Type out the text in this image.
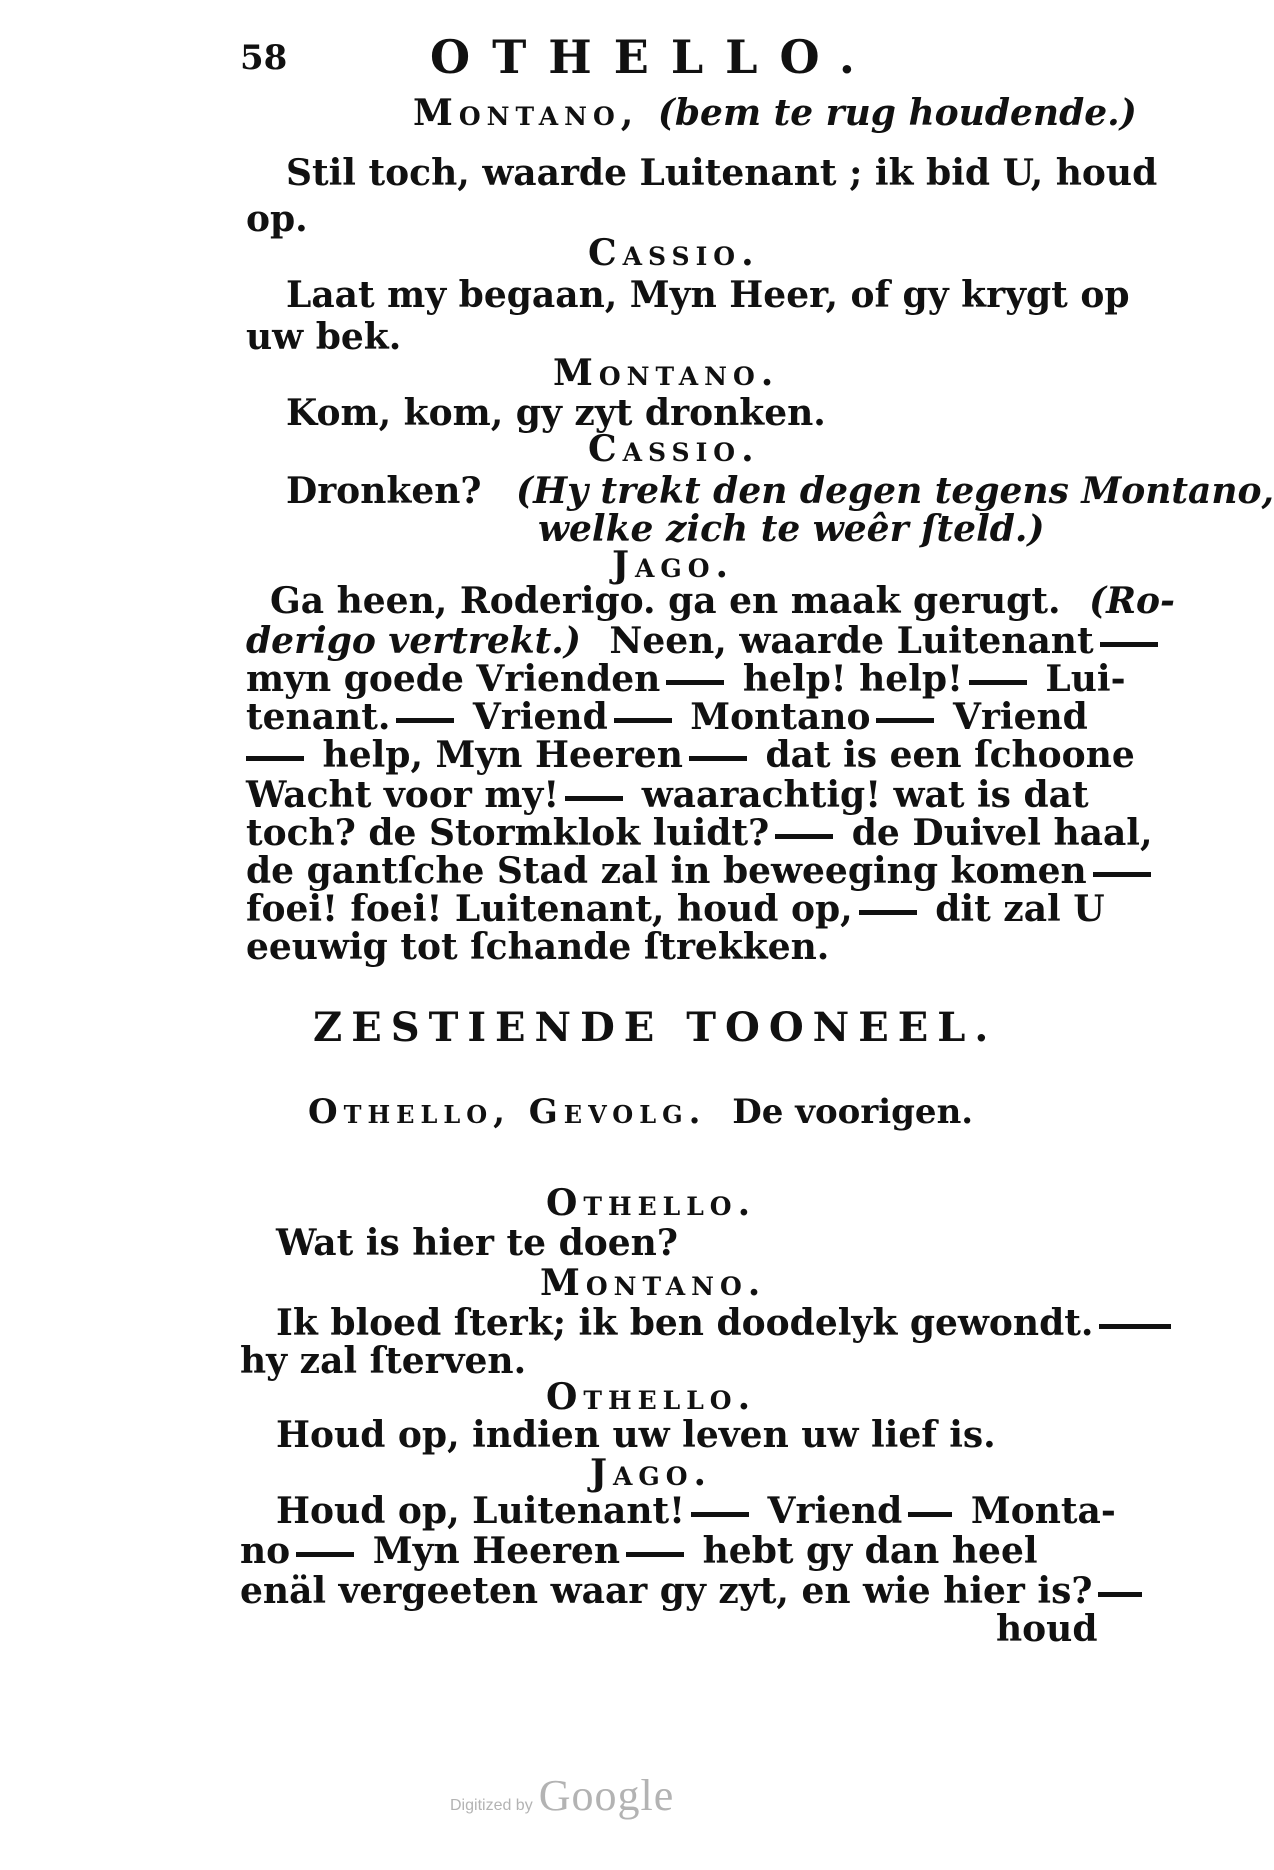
58	OTHELLO.
Montano, (bem te rug houdende.)
Stil toch, waarde Luitenant ; ik bid U, houd
op.
Cassio.
Laat my begaan, Myn Heer, of gy krygt op
uw bek.
Montano.
Kom, kom, gy zyt dronken.
Cassio.
Dronken? (Hy trekt den degen tegens Montano,
welke zich te weêr ſteld.)
Jago.
Ga heen, Roderigo. ga en maak gerugt. (Ro-
derigo vertrekt.) Neen, waarde Luitenant
myn goede Vrienden help! help! Lui-
tenant. Vriend Montano Vriend
help, Myn Heeren dat is een ſchoone
Wacht voor my! waarachtig! wat is dat
toch? de Stormklok luidt? de Duivel haal,
de gantſche Stad zal in beweeging komen
foei! foei! Luitenant, houd op, dit zal U
eeuwig tot ſchande ſtrekken.
ZESTIENDE TOONEEL.
Othello, Gevolg. De voorigen.
Othello.
Wat is hier te doen?
Montano.
Ik bloed ſterk; ik ben doodelyk gewondt.
hy zal ſterven.
Othello.
Houd op, indien uw leven uw lief is.
Jago.
Houd op, Luitenant! Vriend Monta-
no Myn Heeren hebt gy dan heel
enäl vergeeten waar gy zyt, en wie hier is?
houd
Digitized by Google
